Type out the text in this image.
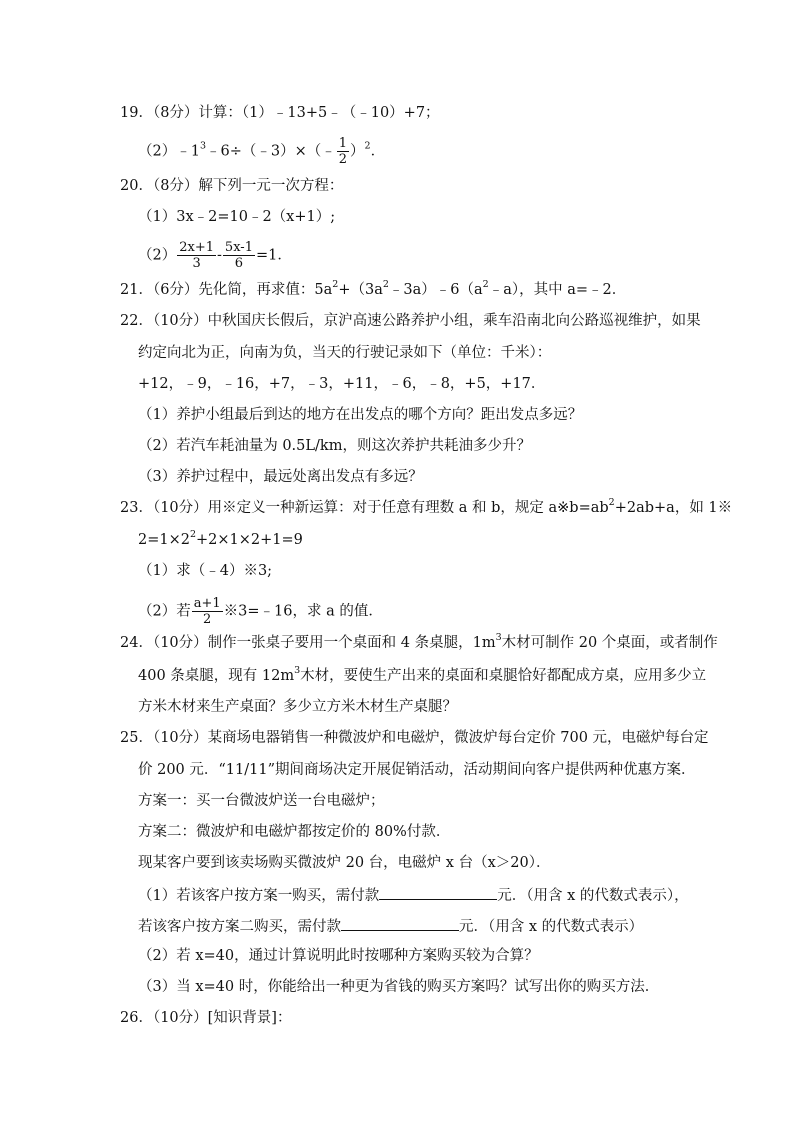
19．（8分）计算：（1）﹣13+5﹣（﹣10）+7；
$(2)﹣1^3﹣6\div(﹣3)\times(﹣ \frac{1}{2} )^2$．
20．（8分）解下列一元一次方程：
（1）3x﹣2=10﹣2（x+1）;
$(2) \frac{2x+1}{3} - \frac{5x-1}{6} =1$．
21．（6分）先化简，再求值：$5a^2+(3a^2﹣3a)﹣6(a^2﹣a)$，其中 a=﹣2．
22．（10分）中秋国庆长假后，京沪高速公路养护小组，乘车沿南北向公路巡视维护，如果
约定向北为正，向南为负，当天的行驶记录如下（单位：千米）：
+12，﹣9，﹣16，+7，﹣3，+11，﹣6，﹣8，+5，+17．
（1）养护小组最后到达的地方在出发点的哪个方向？距出发点多远？
（2）若汽车耗油量为 0.5L/km，则这次养护共耗油多少升？
（3）养护过程中，最远处离出发点有多远？
23．（10分）用※定义一种新运算：对于任意有理数 a 和 b，规定 $a※b=ab^2+2ab+a$，如 1※
$2=1\times 2^2+2\times 1\times 2+1=9$
（1）求（﹣4）※3;
（2）若 $\frac{a+1}{2}$ ※3=﹣16，求 a 的值．
24．（10分）制作一张桌子要用一个桌面和 4 条桌腿，$1m^3$木材可制作 20 个桌面，或者制作
400 条桌腿，现有 $12m^3$木材，要使生产出来的桌面和桌腿恰好都配成方桌，应用多少立
方米木材来生产桌面？多少立方米木材生产桌腿？
25．（10分）某商场电器销售一种微波炉和电磁炉，微波炉每台定价 700 元，电磁炉每台定
价 200 元．“11/11”期间商场决定开展促销活动，活动期间向客户提供两种优惠方案．
方案一：买一台微波炉送一台电磁炉；
方案二：微波炉和电磁炉都按定价的 80%付款．
现某客户要到该卖场购买微波炉 20 台，电磁炉 x 台（x＞20）．
（1）若该客户按方案一购买，需付款	元．（用含 x 的代数式表示），
若该客户按方案二购买，需付款	元．（用含 x 的代数式表示）
（2）若 x=40，通过计算说明此时按哪种方案购买较为合算？
（3）当 x=40 时，你能给出一种更为省钱的购买方案吗？试写出你的购买方法．
26．（10分）[知识背景]：
